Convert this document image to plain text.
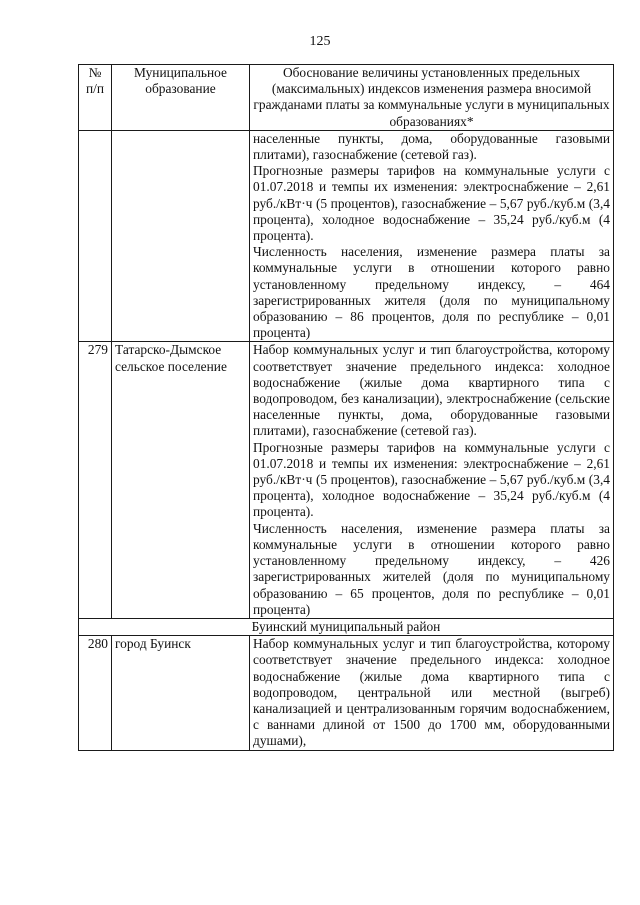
125
№ п/п	Муниципальное образование	Обоснование величины установленных предельных (максимальных) индексов изменения размера вносимой гражданами платы за коммунальные услуги в муниципальных образованиях*

		населенные пункты, дома, оборудованные газовыми плитами), газоснабжение (сетевой газ).

Прогнозные размеры тарифов на коммунальные услуги с 01.07.2018 и темпы их изменения: электроснабжение – 2,61 руб./кВт·ч (5 процентов), газоснабжение – 5,67 руб./куб.м (3,4 процента), холодное водоснабжение – 35,24 руб./куб.м (4 процента).

Численность населения, изменение размера платы за коммунальные услуги в отношении которого равно установленному предельному индексу, – 464 зарегистрированных жителя (доля по муниципальному образованию – 86 процентов, доля по республике – 0,01 процента)

279	Татарско-Дымское сельское поселение	Набор коммунальных услуг и тип благоустройства, которому соответствует значение предельного индекса: холодное водоснабжение (жилые дома квартирного типа с водопроводом, без канализации), электроснабжение (сельские населенные пункты, дома, оборудованные газовыми плитами), газоснабжение (сетевой газ).

Прогнозные размеры тарифов на коммунальные услуги с 01.07.2018 и темпы их изменения: электроснабжение – 2,61 руб./кВт·ч (5 процентов), газоснабжение – 5,67 руб./куб.м (3,4 процента), холодное водоснабжение – 35,24 руб./куб.м (4 процента).

Численность населения, изменение размера платы за коммунальные услуги в отношении которого равно установленному предельному индексу, – 426 зарегистрированных жителей (доля по муниципальному образованию – 65 процентов, доля по республике – 0,01 процента)

Буинский муниципальный район		
280	город Буинск	Набор коммунальных услуг и тип благоустройства, которому соответствует значение предельного индекса: холодное водоснабжение (жилые дома квартирного типа с водопроводом, центральной или местной (выгреб) канализацией и централизованным горячим водоснабжением, с ваннами длиной от 1500 до 1700 мм, оборудованными душами),
